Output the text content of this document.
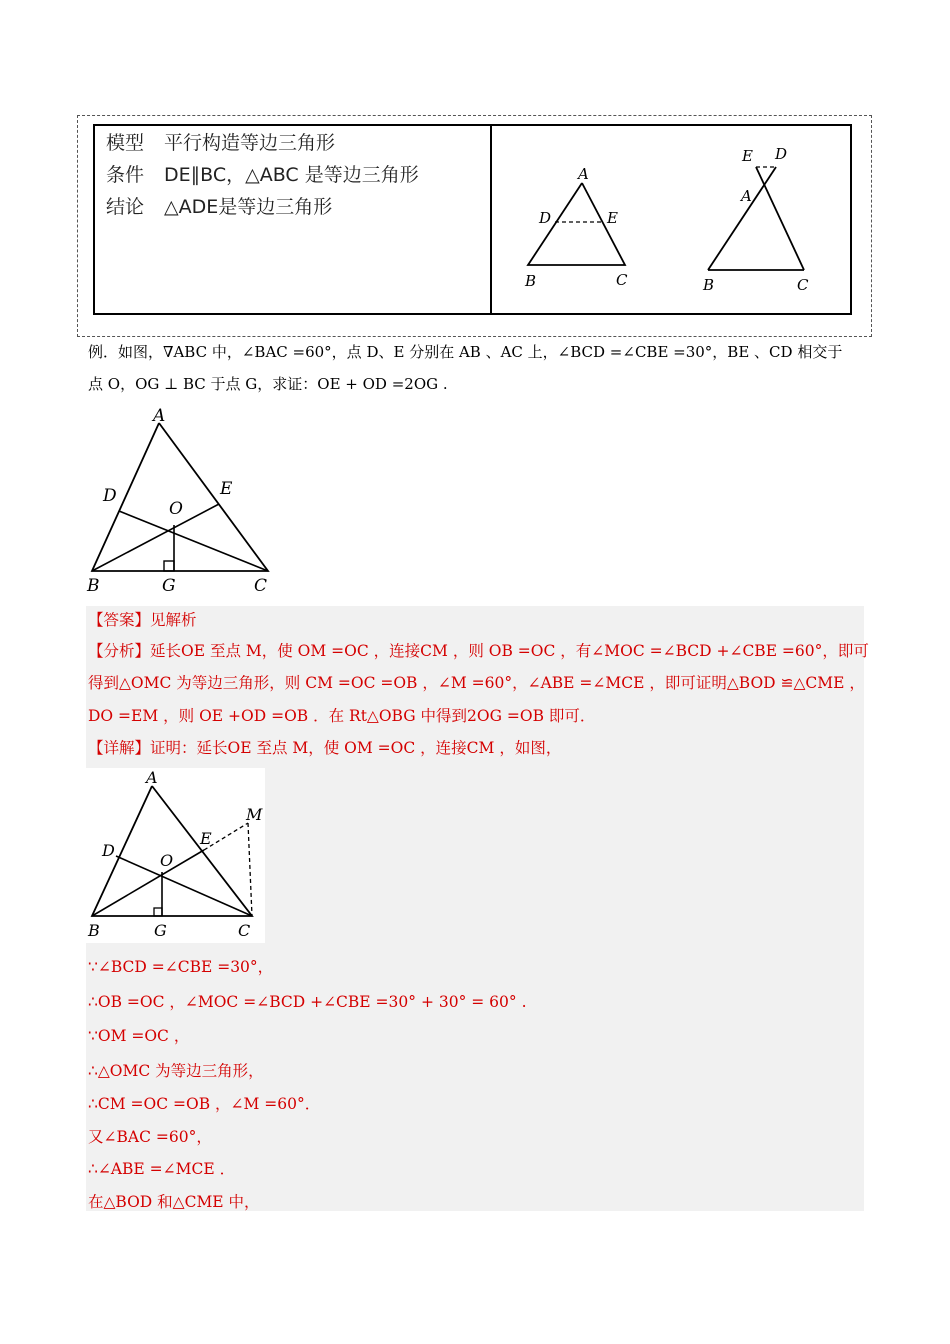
模型 平行构造等边三角形
条件 DE∥BC，△ABC 是等边三角形
结论 △ADE是等边三角形
A
D	E
B	C
E D
A
B	C
例．如图，∇ABC 中，∠BAC =60°，点 D、E 分别在 AB 、AC 上，∠BCD =∠CBE =30°，BE 、CD 相交于
点 O，OG ⊥ BC 于点 G，求证：OE + OD =2OG .
A
D	E
O
B	G	C
【答案】见解析
【分析】延长OE 至点 M，使 OM =OC ，连接CM ，则 OB =OC ，有∠MOC =∠BCD +∠CBE =60°，即可
得到△OMC 为等边三角形，则 CM =OC =OB ，∠M =60°，∠ABE =∠MCE ，即可证明△BOD ≌△CME ，
DO =EM ，则 OE +OD =OB ．在 Rt△OBG 中得到2OG =OB 即可．
【详解】证明：延长OE 至点 M，使 OM =OC ，连接CM ，如图，
A
D
E
O
M
B	G	C
∵∠BCD =∠CBE =30°，
∴OB =OC ，∠MOC =∠BCD +∠CBE =30° + 30° = 60° .
∵OM =OC ，
∴△OMC 为等边三角形，
∴CM =OC =OB ，∠M =60°．
又∠BAC =60°，
∴∠ABE =∠MCE ．
在△BOD 和△CME 中，
